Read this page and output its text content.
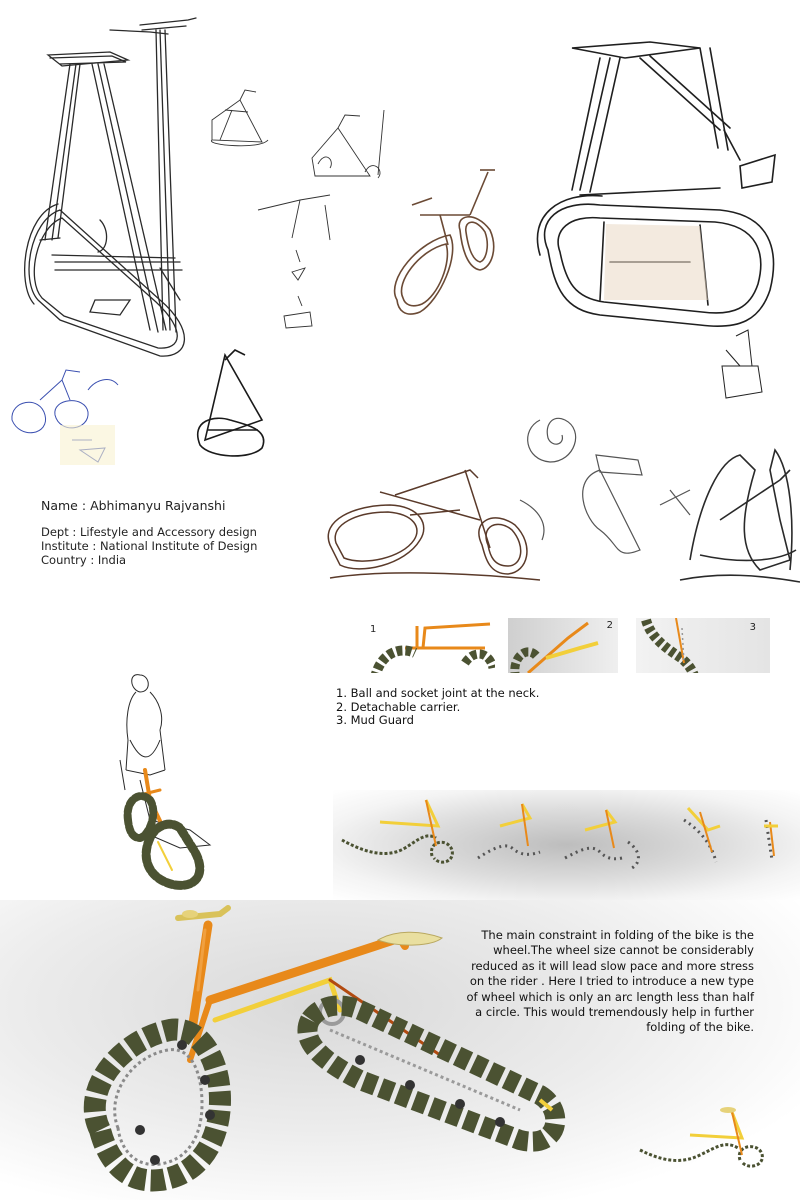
Name : Abhimanyu Rajvanshi
Dept : Lifestyle and Accessory design
Institute : National Institute of Design
Country : India
1	2	3
1. Ball and socket joint at the neck.
2. Detachable carrier.
3. Mud Guard
The main constraint in folding of the bike is the
wheel.The wheel size cannot be considerably
reduced as it will lead slow pace and more stress
on the rider . Here I tried to introduce a new type
of wheel which is only an arc length less than half
a circle. This would tremendously help in further
folding of the bike.
